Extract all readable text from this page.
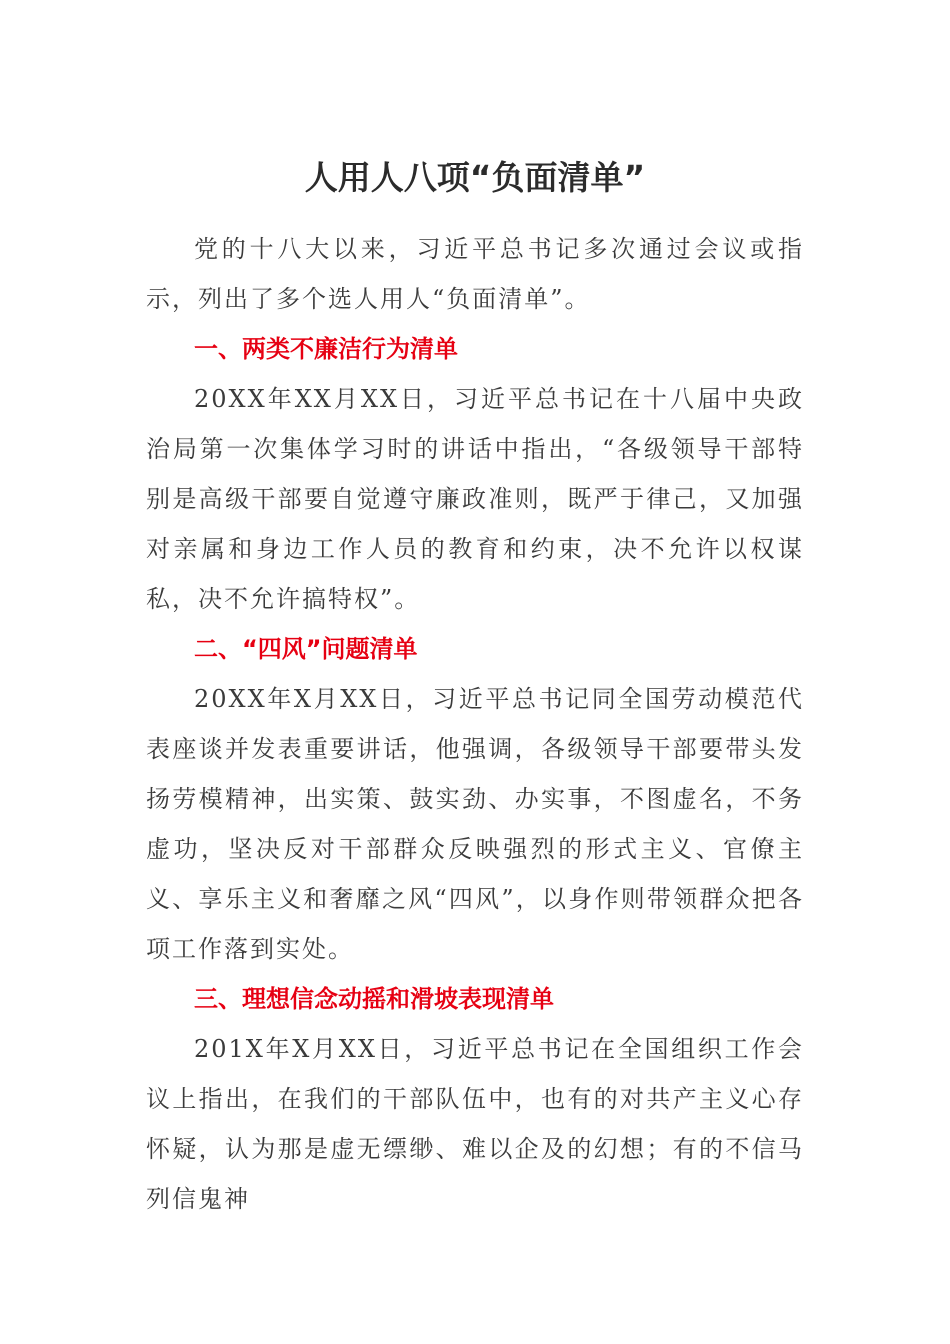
人用人八项“负面清单”

党的十八大以来，习近平总书记多次通过会议或指示，列出了多个选人用人“负面清单”。

一、两类不廉洁行为清单

20XX年XX月XX日，习近平总书记在十八届中央政治局第一次集体学习时的讲话中指出，“各级领导干部特别是高级干部要自觉遵守廉政准则，既严于律己，又加强对亲属和身边工作人员的教育和约束，决不允许以权谋私，决不允许搞特权”。

二、“四风”问题清单

20XX年X月XX日，习近平总书记同全国劳动模范代表座谈并发表重要讲话，他强调，各级领导干部要带头发扬劳模精神，出实策、鼓实劲、办实事，不图虚名，不务虚功，坚决反对干部群众反映强烈的形式主义、官僚主义、享乐主义和奢靡之风“四风”，以身作则带领群众把各项工作落到实处。

三、理想信念动摇和滑坡表现清单

201X年X月XX日，习近平总书记在全国组织工作会议上指出，在我们的干部队伍中，也有的对共产主义心存怀疑，认为那是虚无缥缈、难以企及的幻想；有的不信马列信鬼神
